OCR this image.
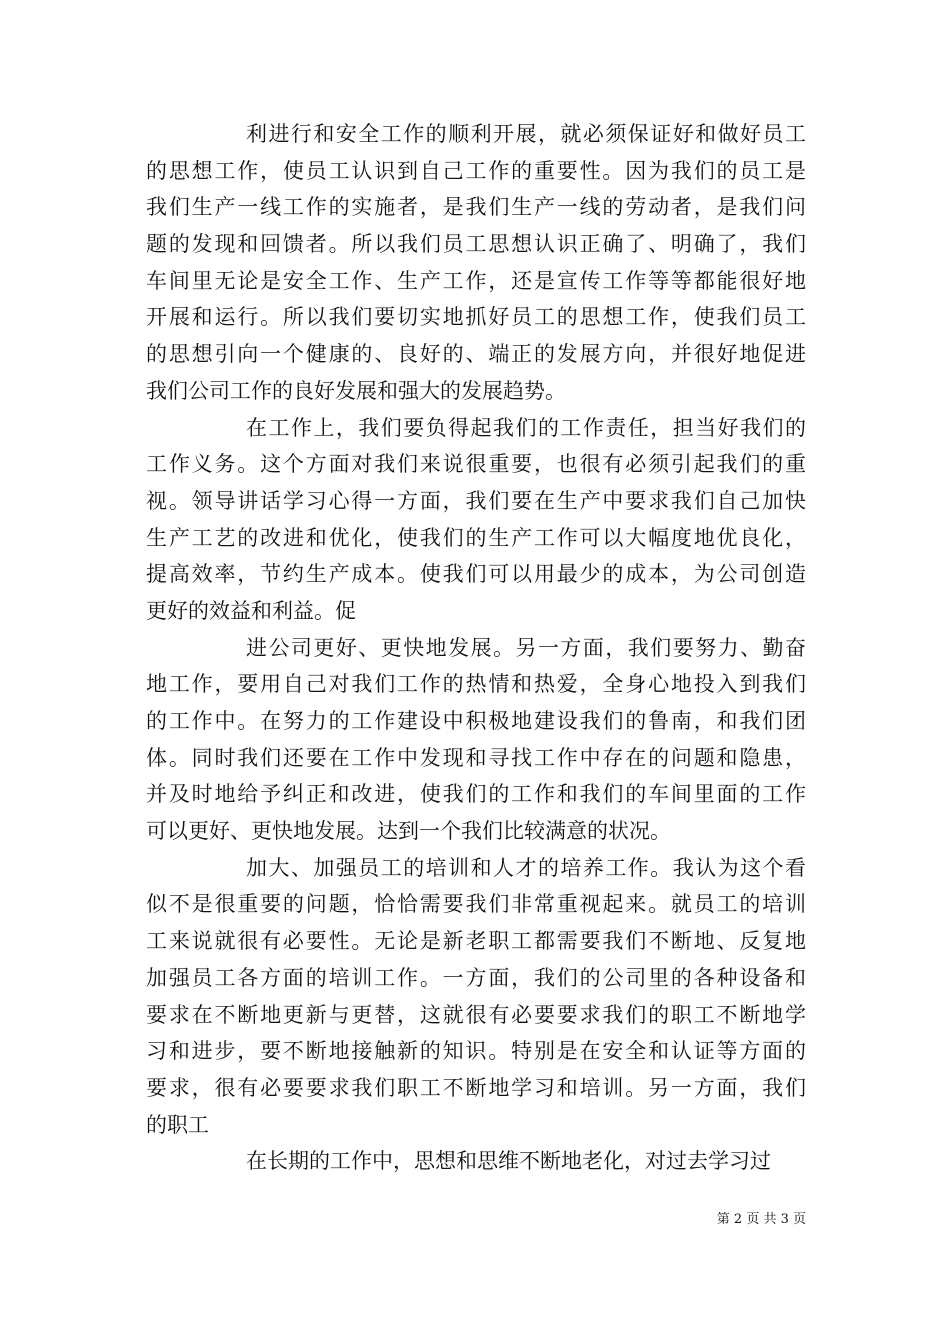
利进行和安全工作的顺利开展，就必须保证好和做好员工
的思想工作，使员工认识到自己工作的重要性。因为我们的员工是
我们生产一线工作的实施者，是我们生产一线的劳动者，是我们问
题的发现和回馈者。所以我们员工思想认识正确了、明确了，我们
车间里无论是安全工作、生产工作，还是宣传工作等等都能很好地
开展和运行。所以我们要切实地抓好员工的思想工作，使我们员工
的思想引向一个健康的、良好的、端正的发展方向，并很好地促进
我们公司工作的良好发展和强大的发展趋势。
在工作上，我们要负得起我们的工作责任，担当好我们的
工作义务。这个方面对我们来说很重要，也很有必须引起我们的重
视。领导讲话学习心得一方面，我们要在生产中要求我们自己加快
生产工艺的改进和优化，使我们的生产工作可以大幅度地优良化，
提高效率，节约生产成本。使我们可以用最少的成本，为公司创造
更好的效益和利益。促
进公司更好、更快地发展。另一方面，我们要努力、勤奋
地工作，要用自己对我们工作的热情和热爱，全身心地投入到我们
的工作中。在努力的工作建设中积极地建设我们的鲁南，和我们团
体。同时我们还要在工作中发现和寻找工作中存在的问题和隐患，
并及时地给予纠正和改进，使我们的工作和我们的车间里面的工作
可以更好、更快地发展。达到一个我们比较满意的状况。
加大、加强员工的培训和人才的培养工作。我认为这个看
似不是很重要的问题，恰恰需要我们非常重视起来。就员工的培训
工来说就很有必要性。无论是新老职工都需要我们不断地、反复地
加强员工各方面的培训工作。一方面，我们的公司里的各种设备和
要求在不断地更新与更替，这就很有必要要求我们的职工不断地学
习和进步，要不断地接触新的知识。特别是在安全和认证等方面的
要求，很有必要要求我们职工不断地学习和培训。另一方面，我们
的职工
在长期的工作中，思想和思维不断地老化，对过去学习过
第 2 页 共 3 页
